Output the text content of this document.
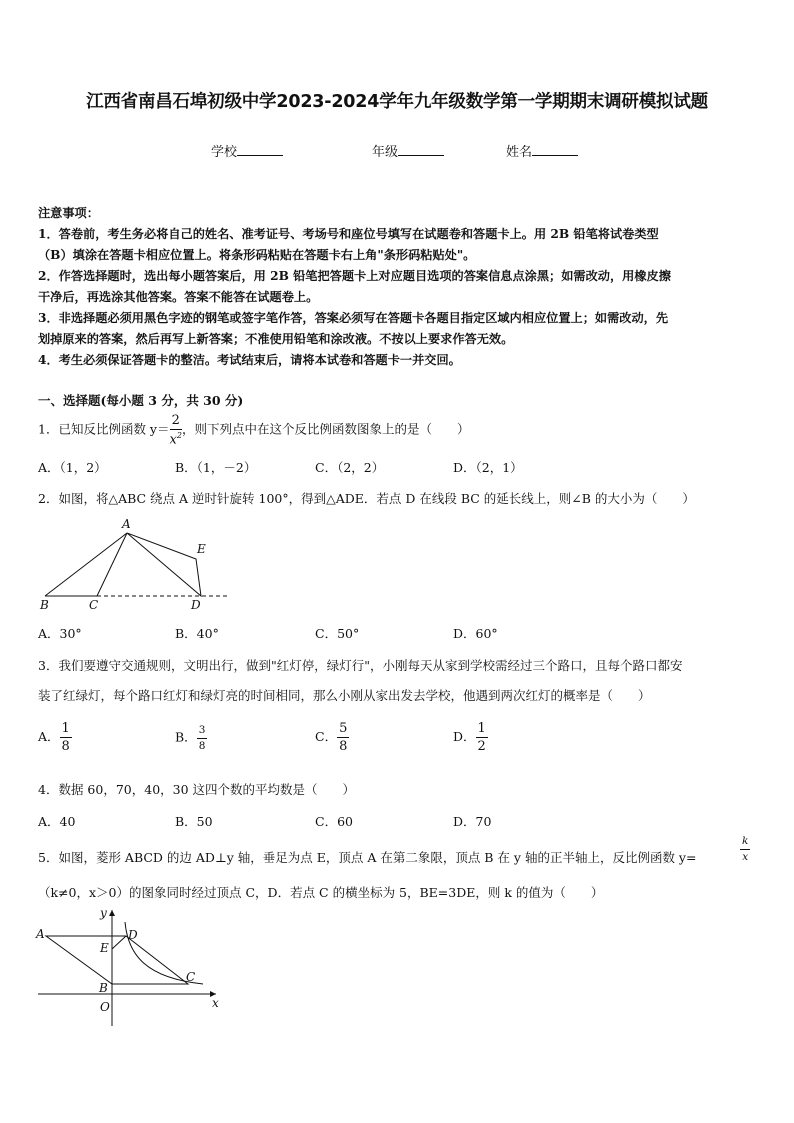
江西省南昌石埠初级中学2023-2024学年九年级数学第一学期期末调研模拟试题
学校	年级	姓名
注意事项：
1．答卷前，考生务必将自己的姓名、准考证号、考场号和座位号填写在试题卷和答题卡上。用 2B 铅笔将试卷类型
（B）填涂在答题卡相应位置上。将条形码粘贴在答题卡右上角"条形码粘贴处"。
2．作答选择题时，选出每小题答案后，用 2B 铅笔把答题卡上对应题目选项的答案信息点涂黑；如需改动，用橡皮擦
干净后，再选涂其他答案。答案不能答在试题卷上。
3．非选择题必须用黑色字迹的钢笔或签字笔作答，答案必须写在答题卡各题目指定区域内相应位置上；如需改动，先
划掉原来的答案，然后再写上新答案；不准使用铅笔和涂改液。不按以上要求作答无效。
4．考生必须保证答题卡的整洁。考试结束后，请将本试卷和答题卡一并交回。
一、选择题(每小题 3 分，共 30 分)
1．已知反比例函数 $y= \frac{2}{x^2}$ ，则下列点中在这个反比例函数图象上的是（　　）
A．（1，2）	B．（1，－2）	C．（2，2）	D．（2，1）
2．如图，将△ABC 绕点 A 逆时针旋转 100°，得到△ADE．若点 D 在线段 BC 的延长线上，则∠B 的大小为（　　）
A
B	C	D
E
A．30°	B．40°	C．50°	D．60°
3．我们要遵守交通规则，文明出行，做到"红灯停，绿灯行"，小刚每天从家到学校需经过三个路口，且每个路口都安
装了红绿灯，每个路口红灯和绿灯亮的时间相同，那么小刚从家出发去学校，他遇到两次红灯的概率是（　　）
A． $\frac{1}{8}$	B． $\frac{3}{8}$	C． $\frac{5}{8}$	D． $\frac{1}{2}$
4．数据 60，70，40，30 这四个数的平均数是（　　）
A．40	B．50	C．60	D．70
5．如图，菱形 ABCD 的边 AD⊥y 轴，垂足为点 E，顶点 A 在第二象限，顶点 B 在 y 轴的正半轴上，反比例函数 y=	$\frac{k}{x}$
（k≠0，x＞0）的图象同时经过顶点 C，D．若点 C 的横坐标为 5，BE=3DE，则 k 的值为（　　）
A
E
D
C
B
O	x
y
